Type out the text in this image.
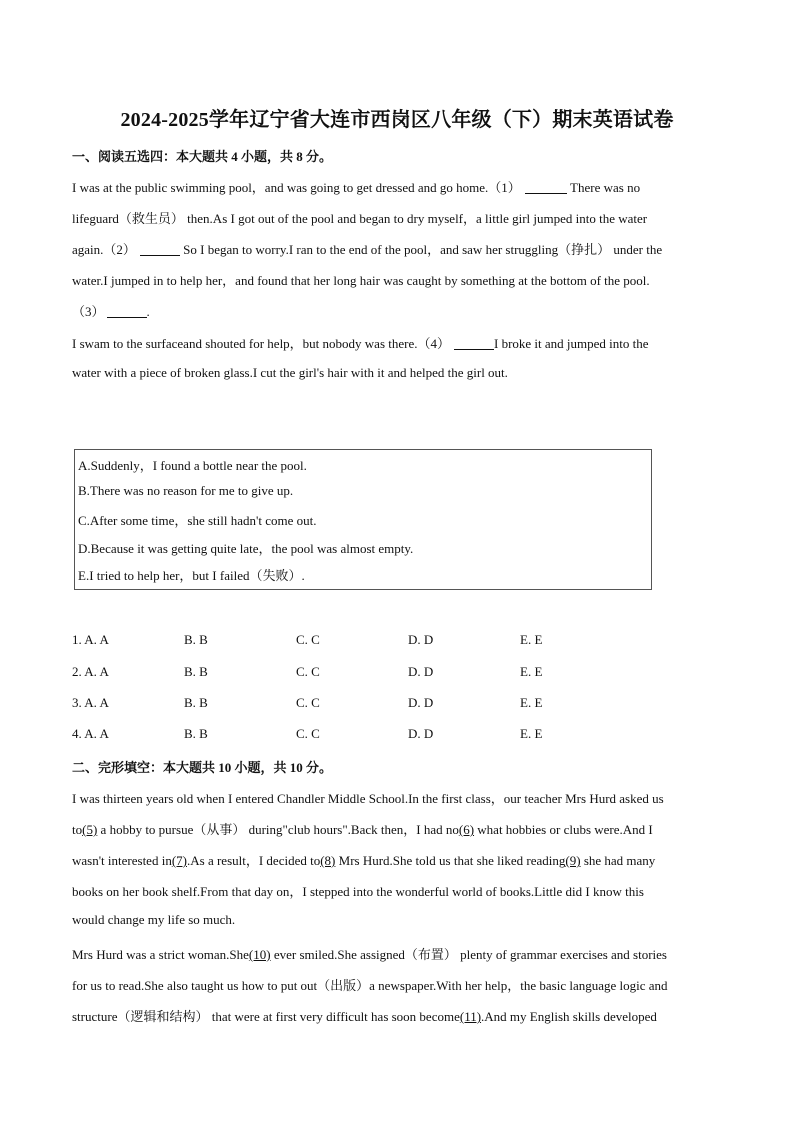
2024-2025学年辽宁省大连市西岗区八年级（下）期末英语试卷
一、阅读五选四：本大题共 4 小题，共 8 分。
I was at the public swimming pool，and was going to get dressed and go home.（1）	There was no
lifeguard（救生员） then.As I got out of the pool and began to dry myself，a little girl jumped into the water
again.（2）	So I began to worry.I ran to the end of the pool，and saw her struggling（挣扎） under the
water.I jumped in to help her，and found that her long hair was caught by something at the bottom of the pool.
（3）	.
I swam to the surfaceand shouted for help，but nobody was there.（4）	I broke it and jumped into the
water with a piece of broken glass.I cut the girl's hair with it and helped the girl out.
A.Suddenly，I found a bottle near the pool.
B.There was no reason for me to give up.
C.After some time，she still hadn't come out.
D.Because it was getting quite late，the pool was almost empty.
E.I tried to help her，but I failed（失败）.
1. A. A	B. B	C. C	D. D	E. E
2. A. A	B. B	C. C	D. D	E. E
3. A. A	B. B	C. C	D. D	E. E
4. A. A	B. B	C. C	D. D	E. E
二、完形填空：本大题共 10 小题，共 10 分。
I was thirteen years old when I entered Chandler Middle School.In the first class，our teacher Mrs Hurd asked us
to(5) a hobby to pursue（从事） during"club hours".Back then，I had no(6) what hobbies or clubs were.And I
wasn't interested in(7).As a result，I decided to(8) Mrs Hurd.She told us that she liked reading(9) she had many
books on her book shelf.From that day on，I stepped into the wonderful world of books.Little did I know this
would change my life so much.
Mrs Hurd was a strict woman.She(10) ever smiled.She assigned（布置） plenty of grammar exercises and stories
for us to read.She also taught us how to put out（出版）a newspaper.With her help，the basic language logic and
structure（逻辑和结构） that were at first very difficult has soon become(11).And my English skills developed
